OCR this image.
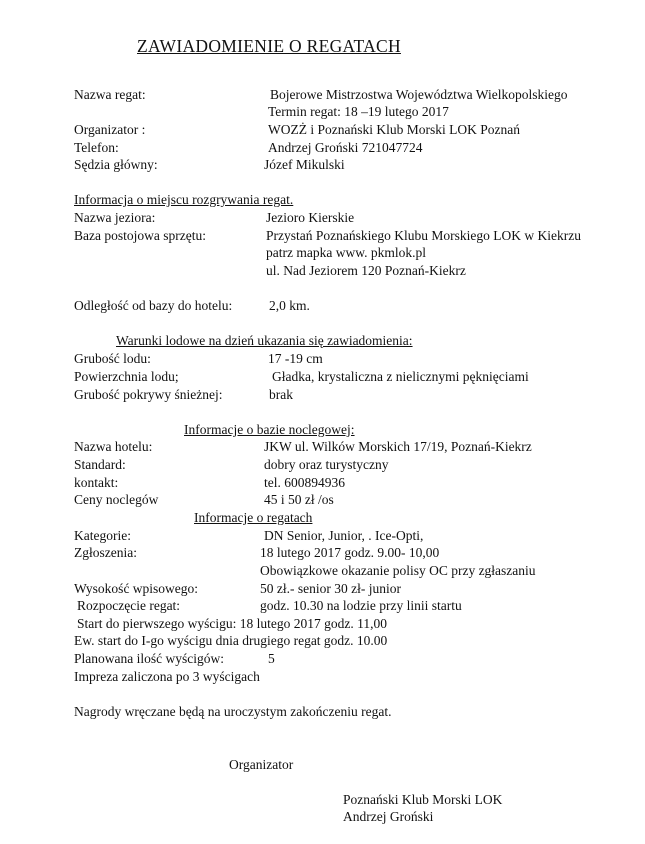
ZAWIADOMIENIE O REGATACH
Nazwa regat:	Bojerowe Mistrzostwa Województwa Wielkopolskiego
Termin regat: 18 –19 lutego 2017
Organizator :	WOZŻ i Poznański Klub Morski LOK Poznań
Telefon:	Andrzej Groński 721047724
Sędzia główny:	Józef Mikulski
Informacja o miejscu rozgrywania regat.
Nazwa jeziora:	Jezioro Kierskie
Baza postojowa sprzętu:	Przystań Poznańskiego Klubu Morskiego LOK w Kiekrzu
patrz mapka www. pkmlok.pl
ul. Nad Jeziorem 120 Poznań-Kiekrz
Odległość od bazy do hotelu:	2,0 km.
Warunki lodowe na dzień ukazania się zawiadomienia:
Grubość lodu:	17 -19 cm
Powierzchnia lodu;	Gładka, krystaliczna z nielicznymi pęknięciami
Grubość pokrywy śnieżnej:	brak
Informacje o bazie noclegowej:
Nazwa hotelu:	JKW ul. Wilków Morskich 17/19, Poznań-Kiekrz
Standard:	dobry oraz turystyczny
kontakt:	tel. 600894936
Ceny noclegów	45 i 50 zł /os
Informacje o regatach
Kategorie:	DN Senior, Junior, . Ice-Opti,
Zgłoszenia:	18 lutego 2017 godz. 9.00- 10,00
Obowiązkowe okazanie polisy OC przy zgłaszaniu
Wysokość wpisowego:	50 zł.- senior 30 zł- junior
Rozpoczęcie regat:	godz. 10.30 na lodzie przy linii startu
Start do pierwszego wyścigu: 18 lutego 2017 godz. 11,00
Ew. start do I-go wyścigu dnia drugiego regat godz. 10.00
Planowana ilość wyścigów:	5
Impreza zaliczona po 3 wyścigach
Nagrody wręczane będą na uroczystym zakończeniu regat.
Organizator
Poznański Klub Morski LOK
Andrzej Groński
